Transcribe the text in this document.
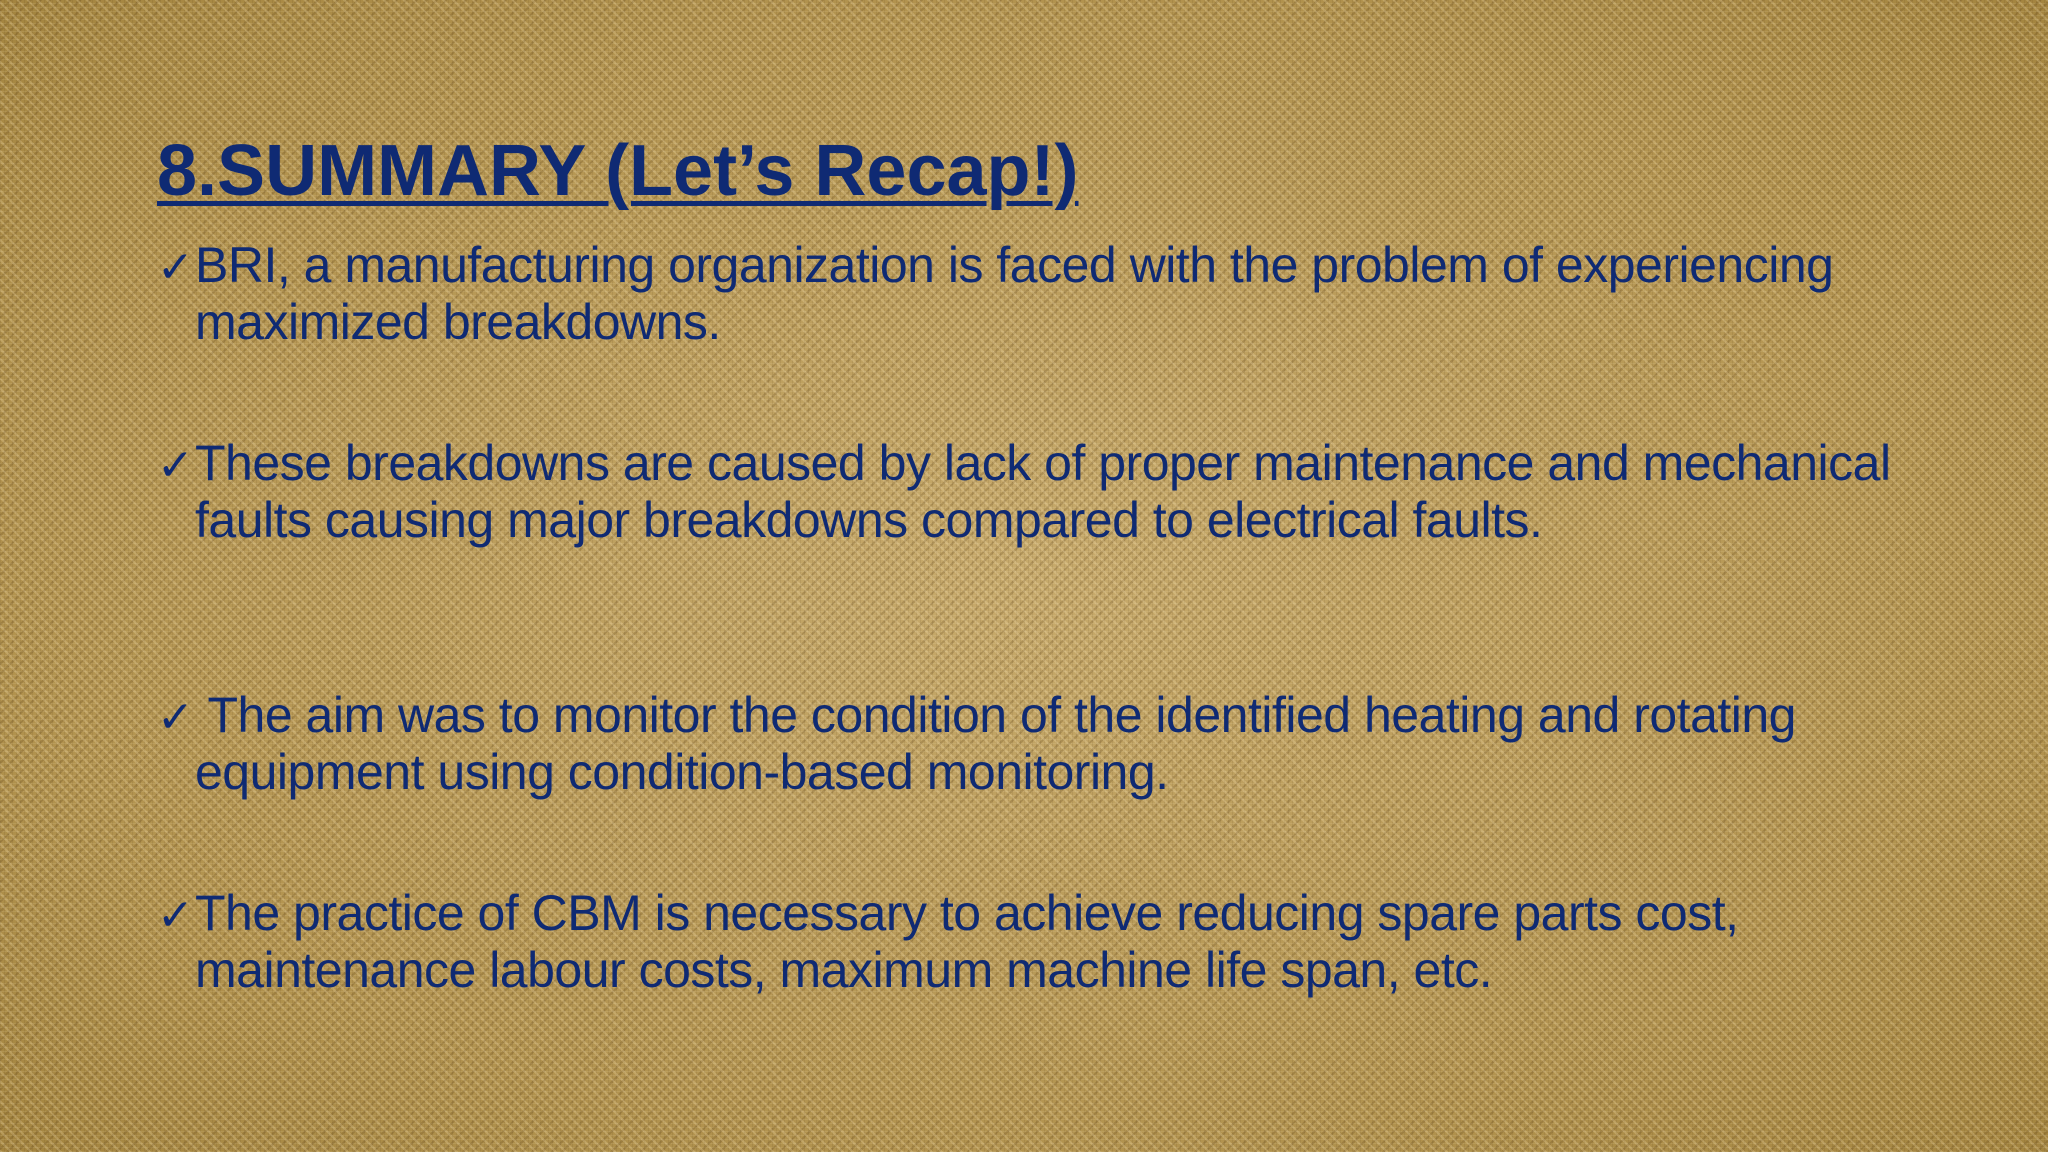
8.SUMMARY (Let’s Recap!)
✓BRI, a manufacturing organization is faced with the problem of experiencing maximized breakdowns.
✓These breakdowns are caused by lack of proper maintenance and mechanical faults causing major breakdowns compared to electrical faults.
✓ The aim was to monitor the condition of the identified heating and rotating equipment using condition-based monitoring.
✓The practice of CBM is necessary to achieve reducing spare parts cost, maintenance labour costs, maximum machine life span, etc.
